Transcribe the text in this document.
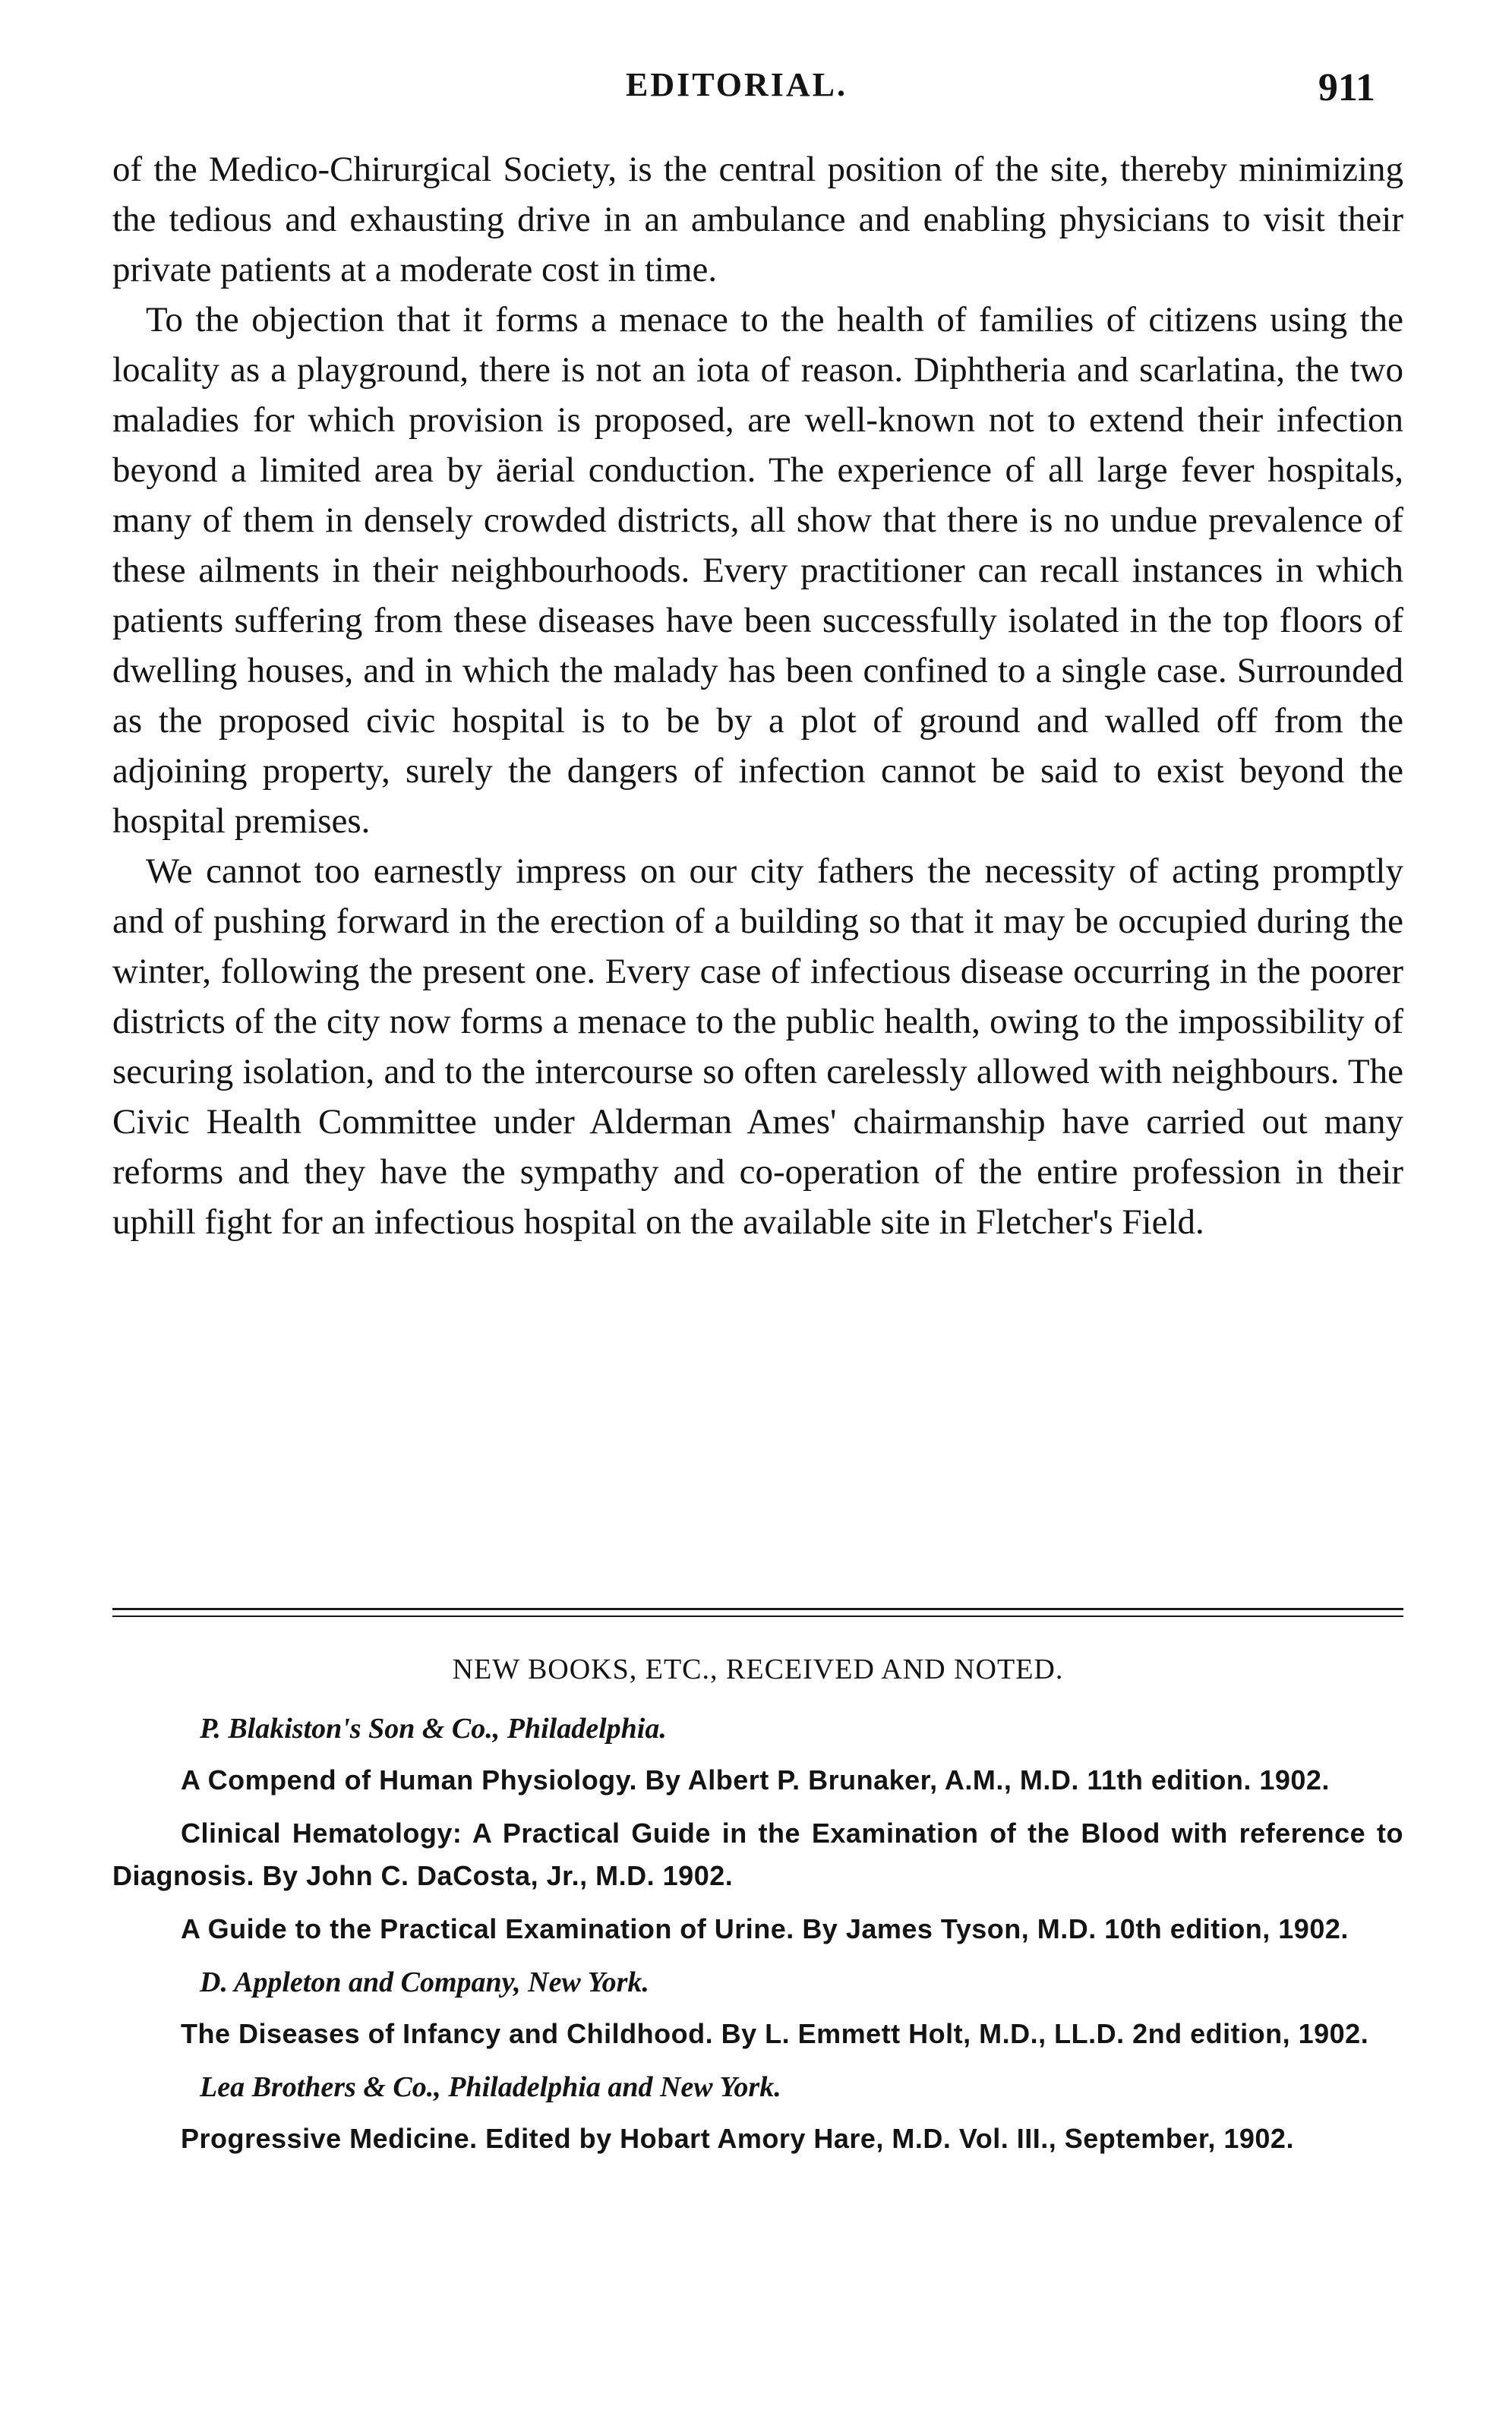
EDITORIAL.	911

of the Medico-Chirurgical Society, is the central position of the site, thereby minimizing the tedious and exhausting drive in an ambulance and enabling physicians to visit their private patients at a moderate cost in time.

To the objection that it forms a menace to the health of families of citizens using the locality as a playground, there is not an iota of reason. Diphtheria and scarlatina, the two maladies for which provision is proposed, are well-known not to extend their infection beyond a limited area by äerial conduction. The experience of all large fever hospitals, many of them in densely crowded districts, all show that there is no undue prevalence of these ailments in their neighbourhoods. Every practitioner can recall instances in which patients suffering from these diseases have been successfully isolated in the top floors of dwelling houses, and in which the malady has been confined to a single case. Surrounded as the proposed civic hospital is to be by a plot of ground and walled off from the adjoining property, surely the dangers of infection cannot be said to exist beyond the hospital premises.

We cannot too earnestly impress on our city fathers the necessity of acting promptly and of pushing forward in the erection of a building so that it may be occupied during the winter, following the present one. Every case of infectious disease occurring in the poorer districts of the city now forms a menace to the public health, owing to the impossibility of securing isolation, and to the intercourse so often carelessly allowed with neighbours. The Civic Health Committee under Alderman Ames' chairmanship have carried out many reforms and they have the sympathy and co-operation of the entire profession in their uphill fight for an infectious hospital on the available site in Fletcher's Field.

NEW BOOKS, ETC., RECEIVED AND NOTED.
P. Blakiston's Son & Co., Philadelphia.
A Compend of Human Physiology. By Albert P. Brunaker, A.M., M.D. 11th edition. 1902.
Clinical Hematology: A Practical Guide in the Examination of the Blood with reference to Diagnosis. By John C. DaCosta, Jr., M.D. 1902.
A Guide to the Practical Examination of Urine. By James Tyson, M.D. 10th edition, 1902.
D. Appleton and Company, New York.
The Diseases of Infancy and Childhood. By L. Emmett Holt, M.D., LL.D. 2nd edition, 1902.
Lea Brothers & Co., Philadelphia and New York.
Progressive Medicine. Edited by Hobart Amory Hare, M.D. Vol. III., September, 1902.
